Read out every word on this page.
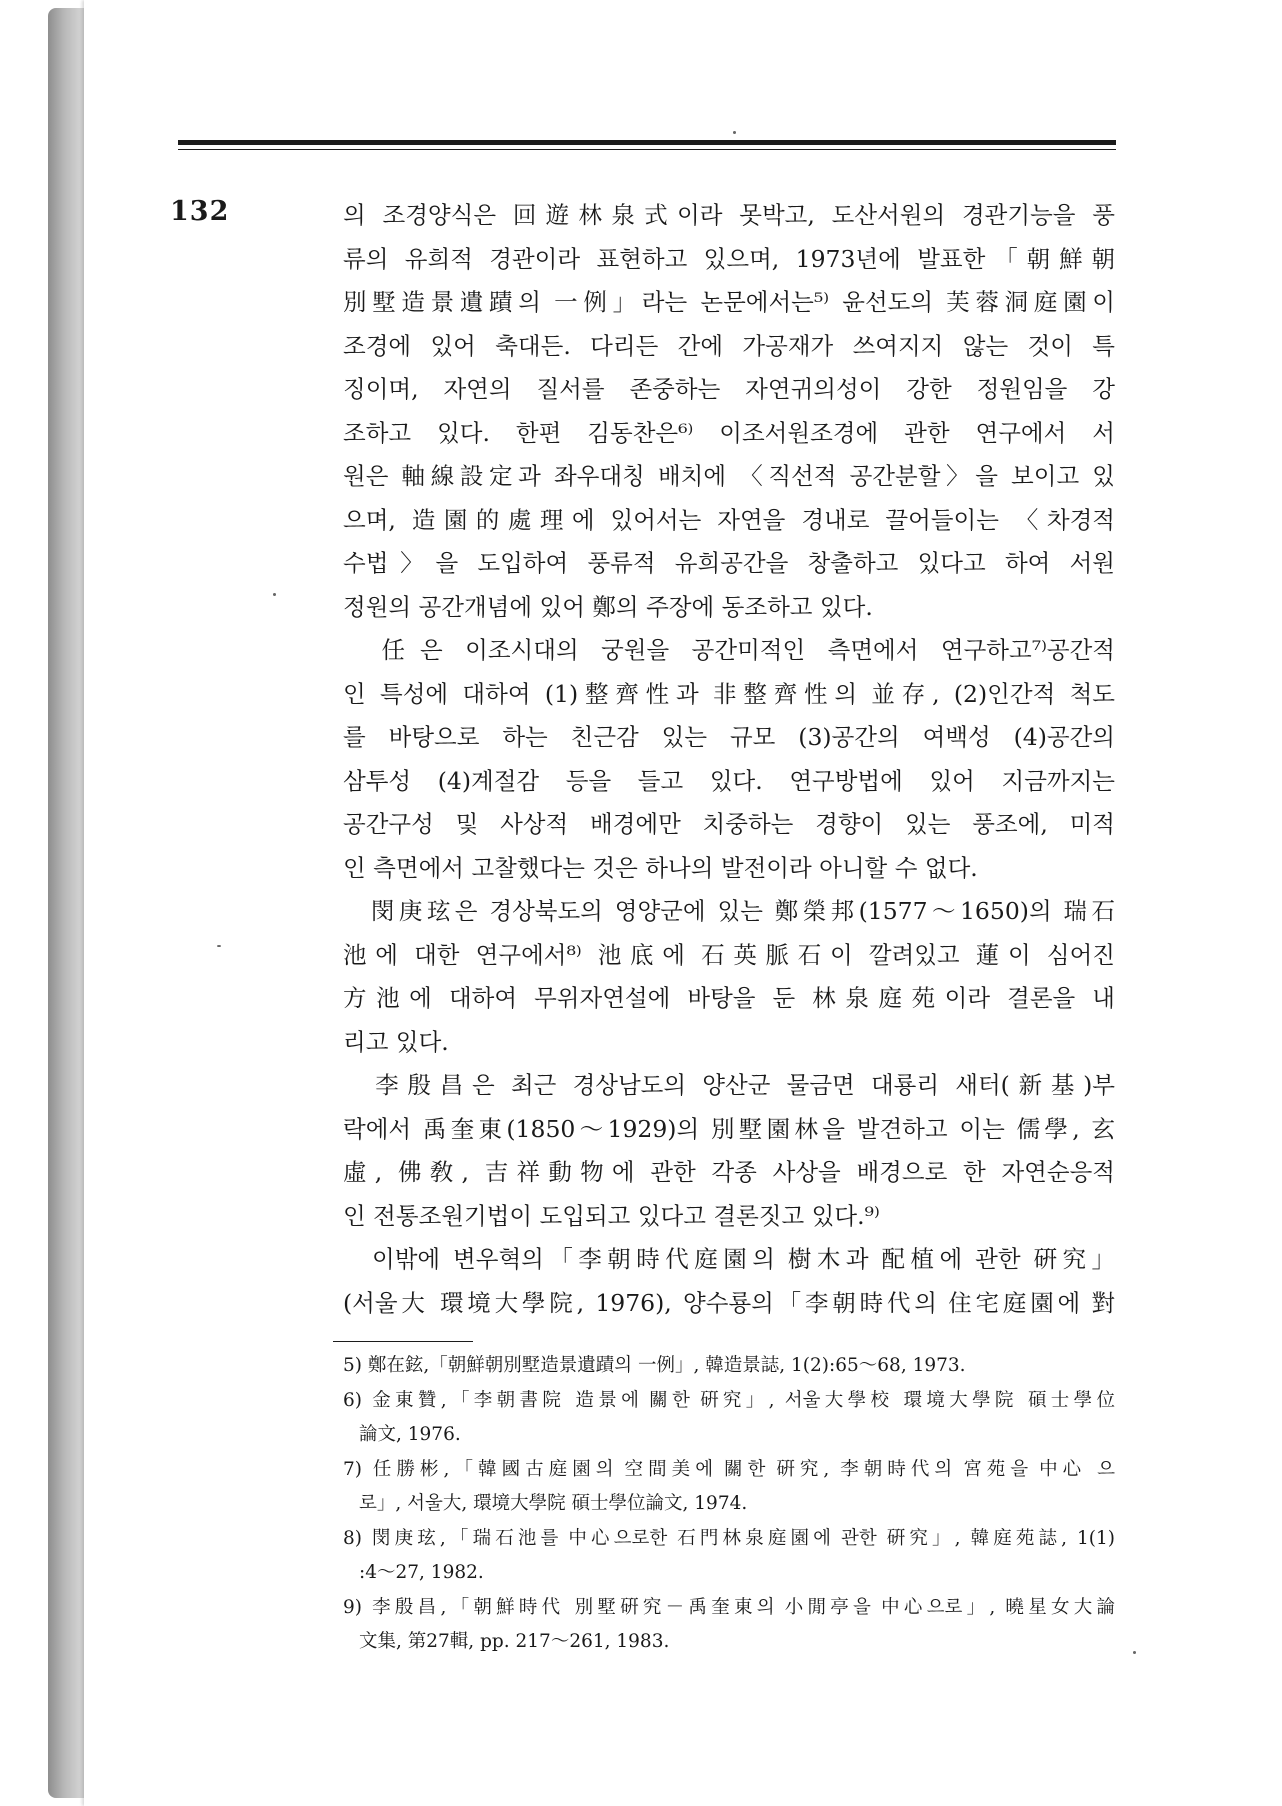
132	의 조경양식은 回遊林泉式이라 못박고, 도산서원의 경관기능을 풍
류의 유희적 경관이라 표현하고 있으며, 1973년에 발표한「朝鮮朝
別墅造景遺蹟의 一例」라는 논문에서는⁵⁾ 윤선도의 芙蓉洞庭園이
조경에 있어 축대든. 다리든 간에 가공재가 쓰여지지 않는 것이 특
징이며, 자연의 질서를 존중하는 자연귀의성이 강한 정원임을 강
조하고 있다. 한편 김동찬은⁶⁾ 이조서원조경에 관한 연구에서 서
원은 軸線設定과 좌우대칭 배치에 〈직선적 공간분할〉을 보이고 있
으며, 造園的處理에 있어서는 자연을 경내로 끌어들이는 〈차경적
수법〉을 도입하여 풍류적 유희공간을 창출하고 있다고 하여 서원
정원의 공간개념에 있어 鄭의 주장에 동조하고 있다.
　任은 이조시대의 궁원을 공간미적인 측면에서 연구하고⁷⁾공간적
인 특성에 대하여 (1)整齊性과 非整齊性의 並存, (2)인간적 척도
를 바탕으로 하는 친근감 있는 규모 (3)공간의 여백성 (4)공간의
삼투성 (4)계절감 등을 들고 있다. 연구방법에 있어 지금까지는
공간구성 및 사상적 배경에만 치중하는 경향이 있는 풍조에, 미적
인 측면에서 고찰했다는 것은 하나의 발전이라 아니할 수 없다.
　閔庚玹은 경상북도의 영양군에 있는 鄭榮邦(1577～1650)의 瑞石
池에 대한 연구에서⁸⁾ 池底에 石英脈石이 깔려있고 蓮이 심어진
方池에 대하여 무위자연설에 바탕을 둔 林泉庭苑이라 결론을 내
리고 있다.
　李殷昌은 최근 경상남도의 양산군 물금면 대룡리 새터(新基)부
락에서 禹奎東(1850～1929)의 別墅園林을 발견하고 이는 儒學, 玄
虛, 佛敎, 吉祥動物에 관한 각종 사상을 배경으로 한 자연순응적
인 전통조원기법이 도입되고 있다고 결론짓고 있다.⁹⁾
　이밖에 변우혁의「李朝時代庭園의 樹木과 配植에 관한 硏究」
(서울大 環境大學院, 1976), 양수룡의「李朝時代의 住宅庭園에 對
5) 鄭在鉉,「朝鮮朝別墅造景遺蹟의 一例」, 韓造景誌, 1(2):65～68, 1973.
6) 金東贊,「李朝書院 造景에 關한 硏究」, 서울大學校 環境大學院 碩士學位
論文, 1976.
7) 任勝彬,「韓國古庭園의 空間美에 關한 硏究, 李朝時代의 宮苑을 中心 으
로」, 서울大, 環境大學院 碩士學位論文, 1974.
8) 閔庚玹,「瑞石池를 中心으로한 石門林泉庭園에 관한 硏究」, 韓庭苑誌, 1(1)
:4～27, 1982.
9) 李殷昌,「朝鮮時代 別墅硏究－禹奎東의 小閒亭을 中心으로」, 曉星女大論
文集, 第27輯, pp. 217～261, 1983.
